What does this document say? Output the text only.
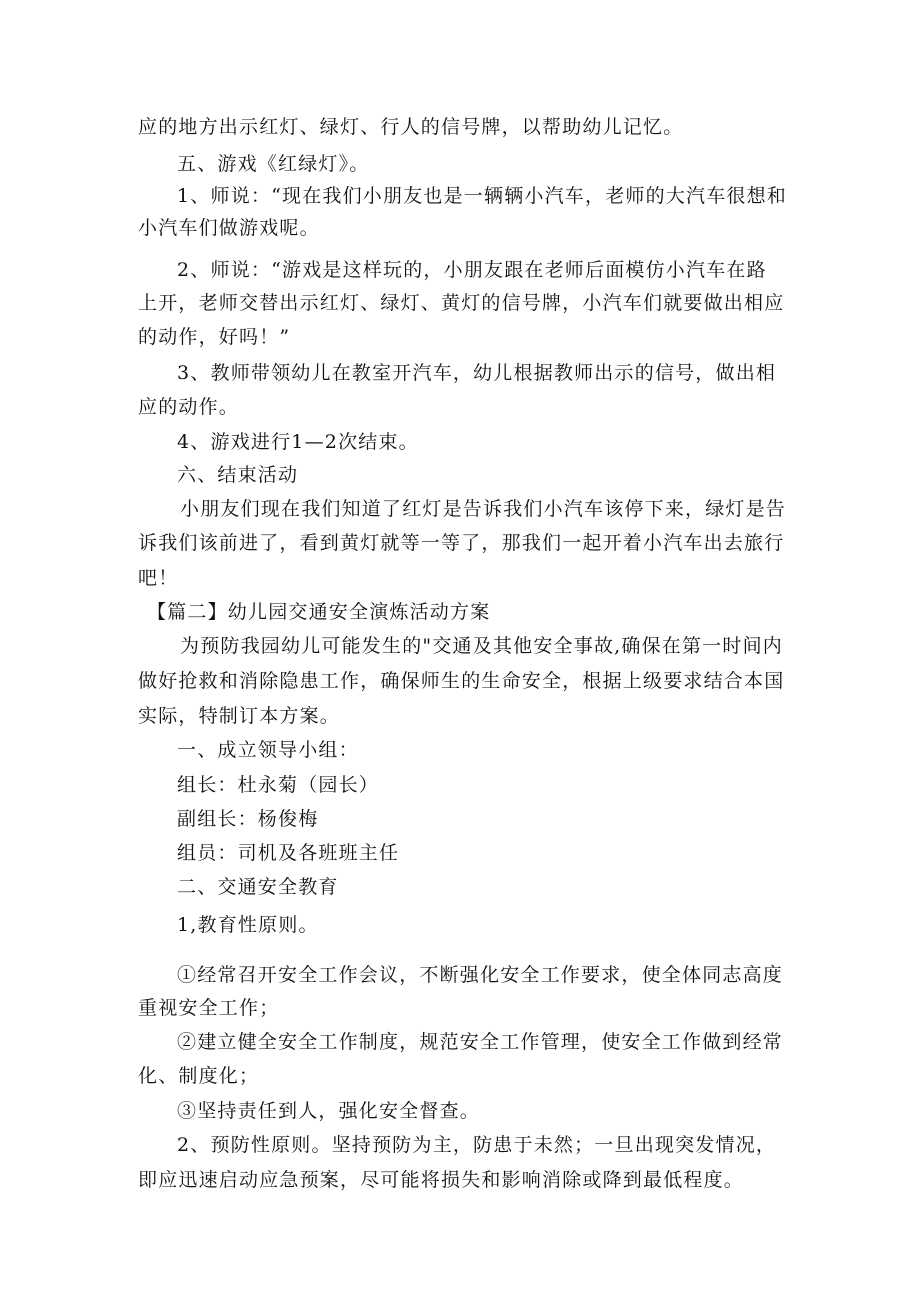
应的地方出示红灯、绿灯、行人的信号牌，以帮助幼儿记忆。
五、游戏《红绿灯》。
1、师说：“现在我们小朋友也是一辆辆小汽车，老师的大汽车很想和
小汽车们做游戏呢。
2、师说：“游戏是这样玩的，小朋友跟在老师后面模仿小汽车在路
上开，老师交替出示红灯、绿灯、黄灯的信号牌，小汽车们就要做出相应
的动作，好吗！”
3、教师带领幼儿在教室开汽车，幼儿根据教师出示的信号，做出相
应的动作。
4、游戏进行1—2次结束。
六、结束活动
小朋友们现在我们知道了红灯是告诉我们小汽车该停下来，绿灯是告
诉我们该前进了，看到黄灯就等一等了，那我们一起开着小汽车出去旅行
吧！
【篇二】幼儿园交通安全演炼活动方案
为预防我园幼儿可能发生的"交通及其他安全事故,确保在第一时间内
做好抢救和消除隐患工作，确保师生的生命安全，根据上级要求结合本国
实际，特制订本方案。
一、成立领导小组：
组长：杜永菊（园长）
副组长：杨俊梅
组员：司机及各班班主任
二、交通安全教育
1,教育性原则。
①经常召开安全工作会议，不断强化安全工作要求，使全体同志高度
重视安全工作；
②建立健全安全工作制度，规范安全工作管理，使安全工作做到经常
化、制度化；
③坚持责任到人，强化安全督查。
2、预防性原则。坚持预防为主，防患于未然；一旦出现突发情况，
即应迅速启动应急预案，尽可能将损失和影响消除或降到最低程度。
